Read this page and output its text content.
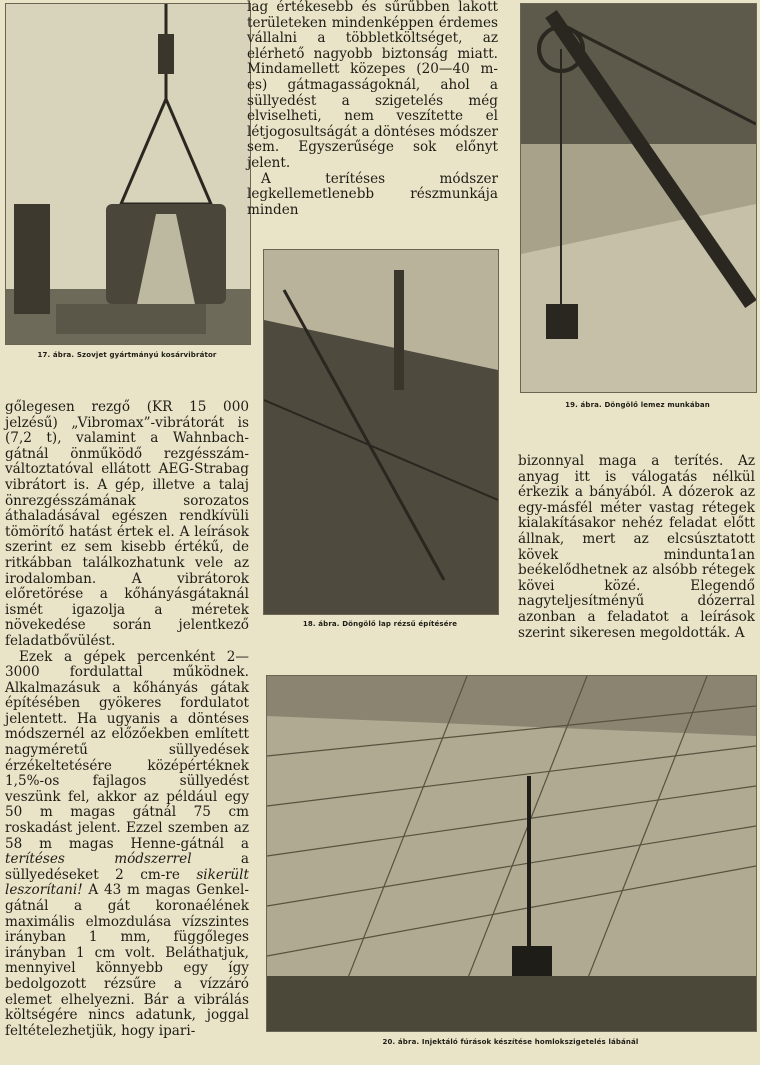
17. ábra. Szovjet gyártmányú kosárvibrátor
18. ábra. Döngölő lap rézsű építésére
19. ábra. Döngölő lemez munkában
20. ábra. Injektáló fúrások készítése homlokszigetelés lábánál

lag értékesebb és sűrűbben lakott területeken mindenképpen érdemes vállalni a többletköltséget, az elérhető nagyobb biztonság miatt. Mindamellett közepes (20—40 m-es) gátmagasságoknál, ahol a süllyedést a szigetelés még elviselheti, nem veszítette el létjogosultságát a döntéses módszer sem. Egyszerűsége sok előnyt jelent.

A terítéses módszer legkellemetlenebb részmunkája minden

gőlegesen rezgő (KR 15 000 jelzésű) „Vibromax”-vibrátorát is (7,2 t), valamint a Wahnbach-gátnál önműködő rezgésszám-változtatóval ellátott AEG-Strabag vibrátort is. A gép, illetve a talaj önrezgésszámának sorozatos áthaladásával egészen rendkívüli tömörítő hatást értek el. A leírások szerint ez sem kisebb értékű, de ritkábban találkozhatunk vele az irodalomban. A vibrátorok előretörése a kőhányásgátaknál ismét igazolja a méretek növekedése során jelentkező feladatbővülést.

Ezek a gépek percenként 2—3000 fordulattal működnek. Alkalmazásuk a kőhányás gátak építésében gyökeres fordulatot jelentett. Ha ugyanis a döntéses módszernél az előzőekben említett nagyméretű süllyedések érzékeltetésére középértéknek 1,5%-os fajlagos süllyedést veszünk fel, akkor az például egy 50 m magas gátnál 75 cm roskadást jelent. Ezzel szemben az 58 m magas Henne-gátnál a terítéses módszerrel a süllyedéseket 2 cm-re sikerült leszorítani! A 43 m magas Genkel-gátnál a gát koronaélének maximális elmozdulása vízszintes irányban 1 mm, függőleges irányban 1 cm volt. Beláthatjuk, mennyivel könnyebb egy így bedolgozott rézsűre a vízzáró elemet elhelyezni. Bár a vibrálás költségére nincs adatunk, joggal feltételezhetjük, hogy ipari-

bizonnyal maga a terítés. Az anyag itt is válogatás nélkül érkezik a bányából. A dózerok az egy-másfél méter vastag rétegek kialakításakor nehéz feladat előtt állnak, mert az elcsúsztatott kövek mindunta1an beékelődhetnek az alsóbb rétegek kövei közé. Elegendő nagyteljesítményű dózerral azonban a feladatot a leírások szerint sikeresen megoldották. A
